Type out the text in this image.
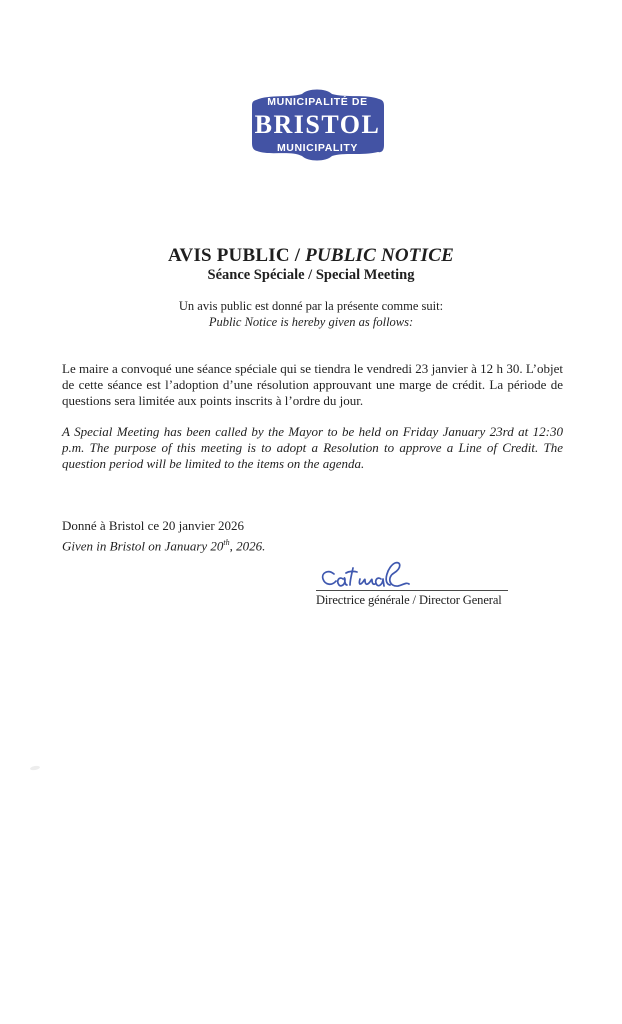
MUNICIPALITÉ DE
BRISTOL
MUNICIPALITY
AVIS PUBLIC / PUBLIC NOTICE
Séance Spéciale / Special Meeting
Un avis public est donné par la présente comme suit:
Public Notice is hereby given as follows:

Le maire a convoqué une séance spéciale qui se tiendra le vendredi 23 janvier à 12 h 30. L’objet de cette séance est l’adoption d’une résolution approuvant une marge de crédit. La période de questions sera limitée aux points inscrits à l’ordre du jour.

A Special Meeting has been called by the Mayor to be held on Friday January 23rd at 12:30 p.m. The purpose of this meeting is to adopt a Resolution to approve a Line of Credit. The question period will be limited to the items on the agenda.

Donné à Bristol ce 20 janvier 2026
Given in Bristol on January 20th, 2026.
Directrice générale / Director General
